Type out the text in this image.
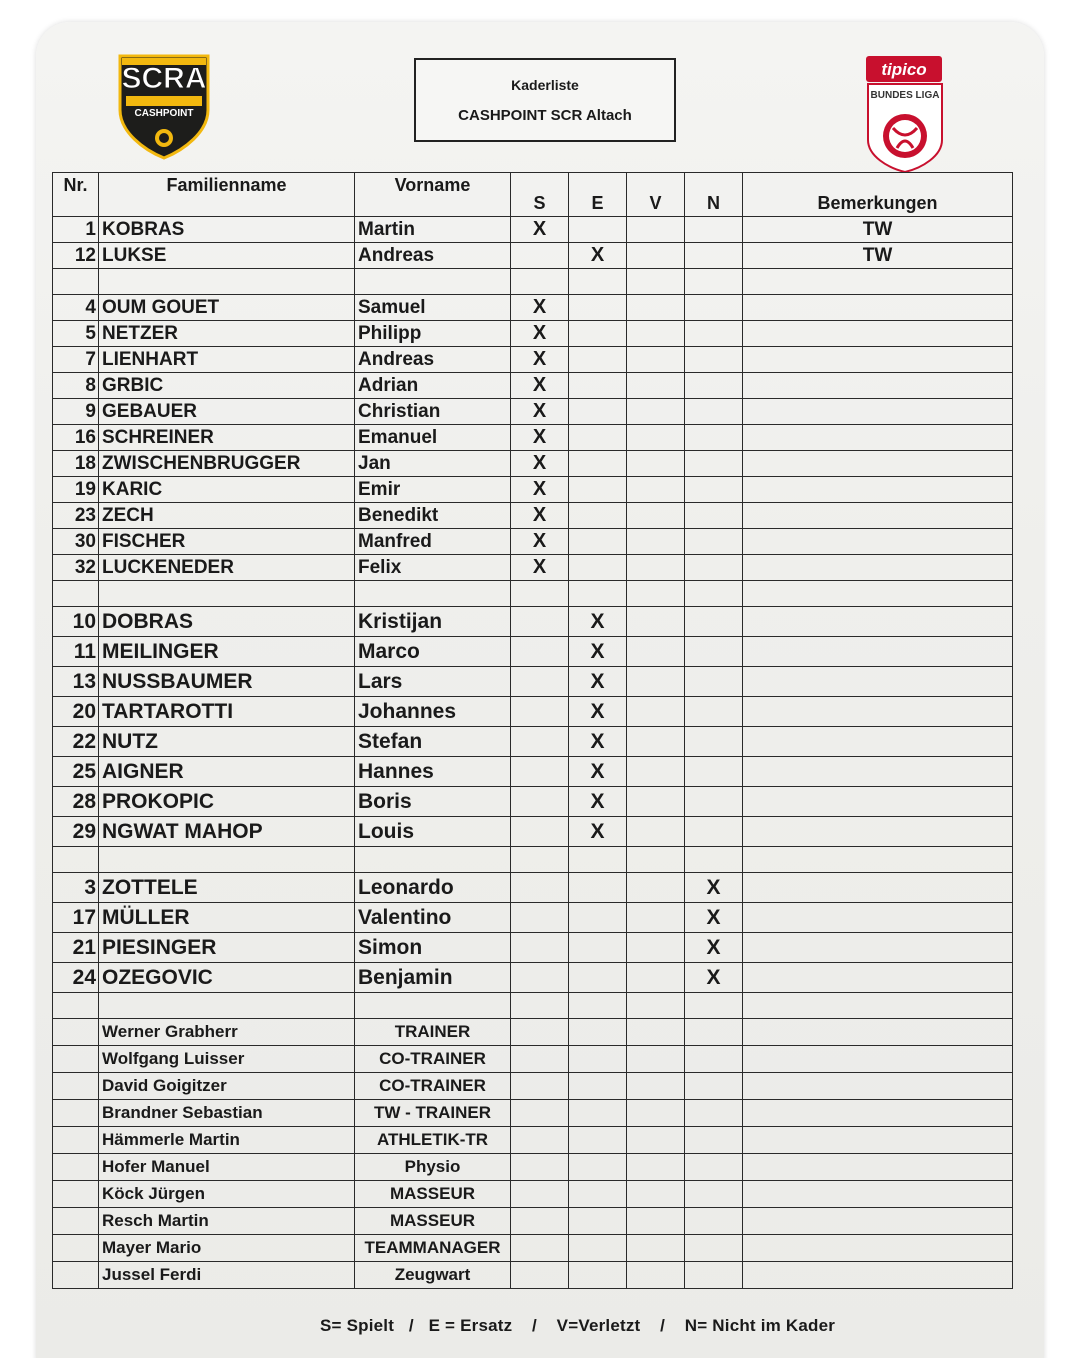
SCRA
CASHPOINT
Kaderliste
CASHPOINT SCR Altach
tipico
BUNDES LIGA
Nr.	Familienname	Vorname	S	E	V	N	Bemerkungen
1	KOBRAS	Martin	X				TW
12	LUKSE	Andreas		X			TW

4	OUM GOUET	Samuel	X				
5	NETZER	Philipp	X				
7	LIENHART	Andreas	X				
8	GRBIC	Adrian	X				
9	GEBAUER	Christian	X				
16	SCHREINER	Emanuel	X				
18	ZWISCHENBRUGGER	Jan	X				
19	KARIC	Emir	X				
23	ZECH	Benedikt	X				
30	FISCHER	Manfred	X				
32	LUCKENEDER	Felix	X				

10	DOBRAS	Kristijan		X			
11	MEILINGER	Marco		X			
13	NUSSBAUMER	Lars		X			
20	TARTAROTTI	Johannes		X			
22	NUTZ	Stefan		X			
25	AIGNER	Hannes		X			
28	PROKOPIC	Boris		X			
29	NGWAT MAHOP	Louis		X			

3	ZOTTELE	Leonardo				X	
17	MÜLLER	Valentino				X	
21	PIESINGER	Simon				X	
24	OZEGOVIC	Benjamin				X	

	Werner Grabherr	TRAINER					
	Wolfgang Luisser	CO-TRAINER					
	David Goigitzer	CO-TRAINER					
	Brandner Sebastian	TW - TRAINER					
	Hämmerle Martin	ATHLETIK-TR					
	Hofer Manuel	Physio					
	Köck Jürgen	MASSEUR					
	Resch Martin	MASSEUR					
	Mayer Mario	TEAMMANAGER					
	Jussel Ferdi	Zeugwart					
S= Spielt / E = Ersatz / V=Verletzt / N= Nicht im Kader
